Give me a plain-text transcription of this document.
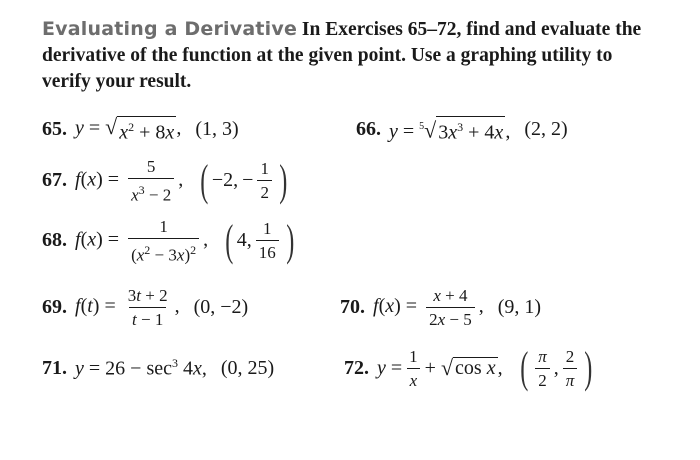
Evaluating a Derivative In Exercises 65–72, find and evaluate the derivative of the function at the given point. Use a graphing utility to verify your result.
65. y = √ $x^2 + 8x$ , (1, 3)	66. y = $^5$√ $3x^3 + 4x$ , (2, 2)
67. $f(x) = \frac{5}{x^3 - 2}$ , ( −2, − $\frac{1}{2}$ )
68. $f(x) = \frac{1}{(x^2 - 3x)^2}$ , ( 4, $\frac{1}{16}$ )
69. $f(t) = \frac{3t + 2}{t - 1}$ , (0, −2)	70. $f(x) = \frac{x + 4}{2x - 5}$ , (9, 1)
71. $y = 26 - \sec^3 4x$, (0, 25)	72. $y = \frac{1}{x}$ + √ cos x , ( $\frac{\pi}{2}$ , $\frac{2}{\pi}$ )
